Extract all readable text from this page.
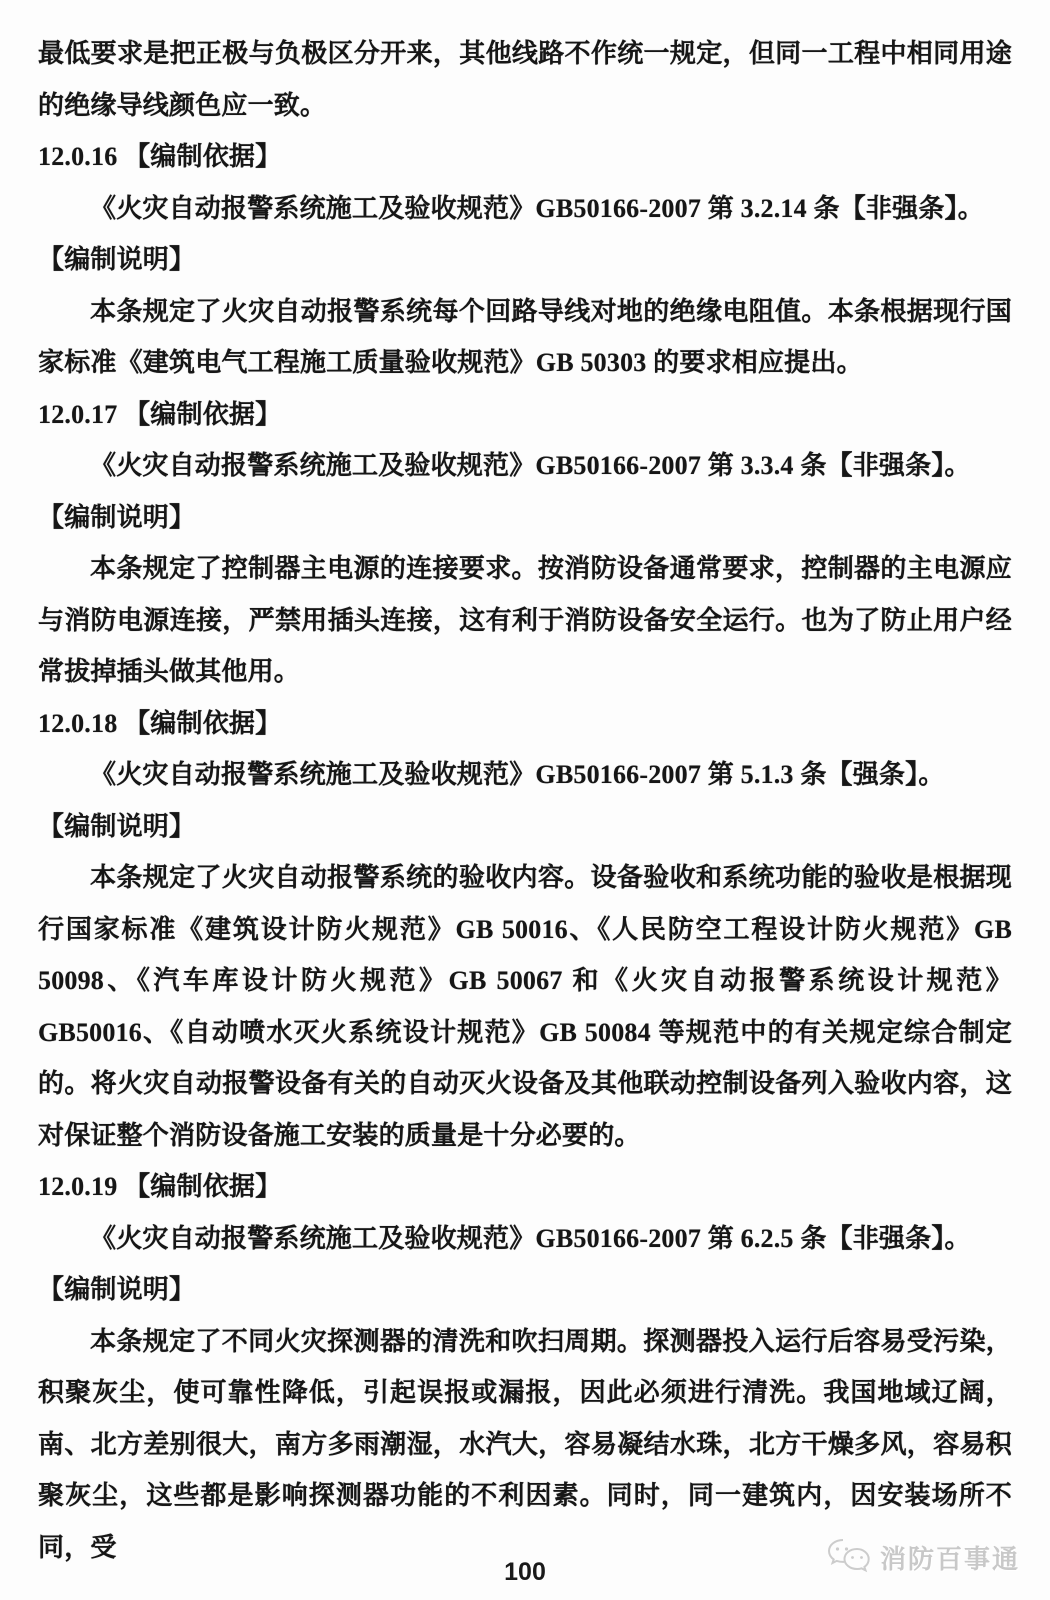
最低要求是把正极与负极区分开来，其他线路不作统一规定，但同一工程中相同用途的绝缘导线颜色应一致。

12.0.16 【编制依据】

《火灾自动报警系统施工及验收规范》GB50166-2007 第 3.2.14 条【非强条】。

【编制说明】

本条规定了火灾自动报警系统每个回路导线对地的绝缘电阻值。本条根据现行国家标准《建筑电气工程施工质量验收规范》GB 50303 的要求相应提出。

12.0.17 【编制依据】

《火灾自动报警系统施工及验收规范》GB50166-2007 第 3.3.4 条【非强条】。

【编制说明】

本条规定了控制器主电源的连接要求。按消防设备通常要求，控制器的主电源应与消防电源连接，严禁用插头连接，这有利于消防设备安全运行。也为了防止用户经常拔掉插头做其他用。

12.0.18 【编制依据】

《火灾自动报警系统施工及验收规范》GB50166-2007 第 5.1.3 条【强条】。

【编制说明】

本条规定了火灾自动报警系统的验收内容。设备验收和系统功能的验收是根据现行国家标准《建筑设计防火规范》GB 50016、《人民防空工程设计防火规范》GB 50098、《汽车库设计防火规范》GB 50067 和《火灾自动报警系统设计规范》GB50016、《自动喷水灭火系统设计规范》GB 50084 等规范中的有关规定综合制定的。将火灾自动报警设备有关的自动灭火设备及其他联动控制设备列入验收内容，这对保证整个消防设备施工安装的质量是十分必要的。

12.0.19 【编制依据】

《火灾自动报警系统施工及验收规范》GB50166-2007 第 6.2.5 条【非强条】。

【编制说明】

本条规定了不同火灾探测器的清洗和吹扫周期。探测器投入运行后容易受污染，积聚灰尘，使可靠性降低，引起误报或漏报，因此必须进行清洗。我国地域辽阔，南、北方差别很大，南方多雨潮湿，水汽大，容易凝结水珠，北方干燥多风，容易积聚灰尘，这些都是影响探测器功能的不利因素。同时，同一建筑内，因安装场所不同，受	消防百事通
100
